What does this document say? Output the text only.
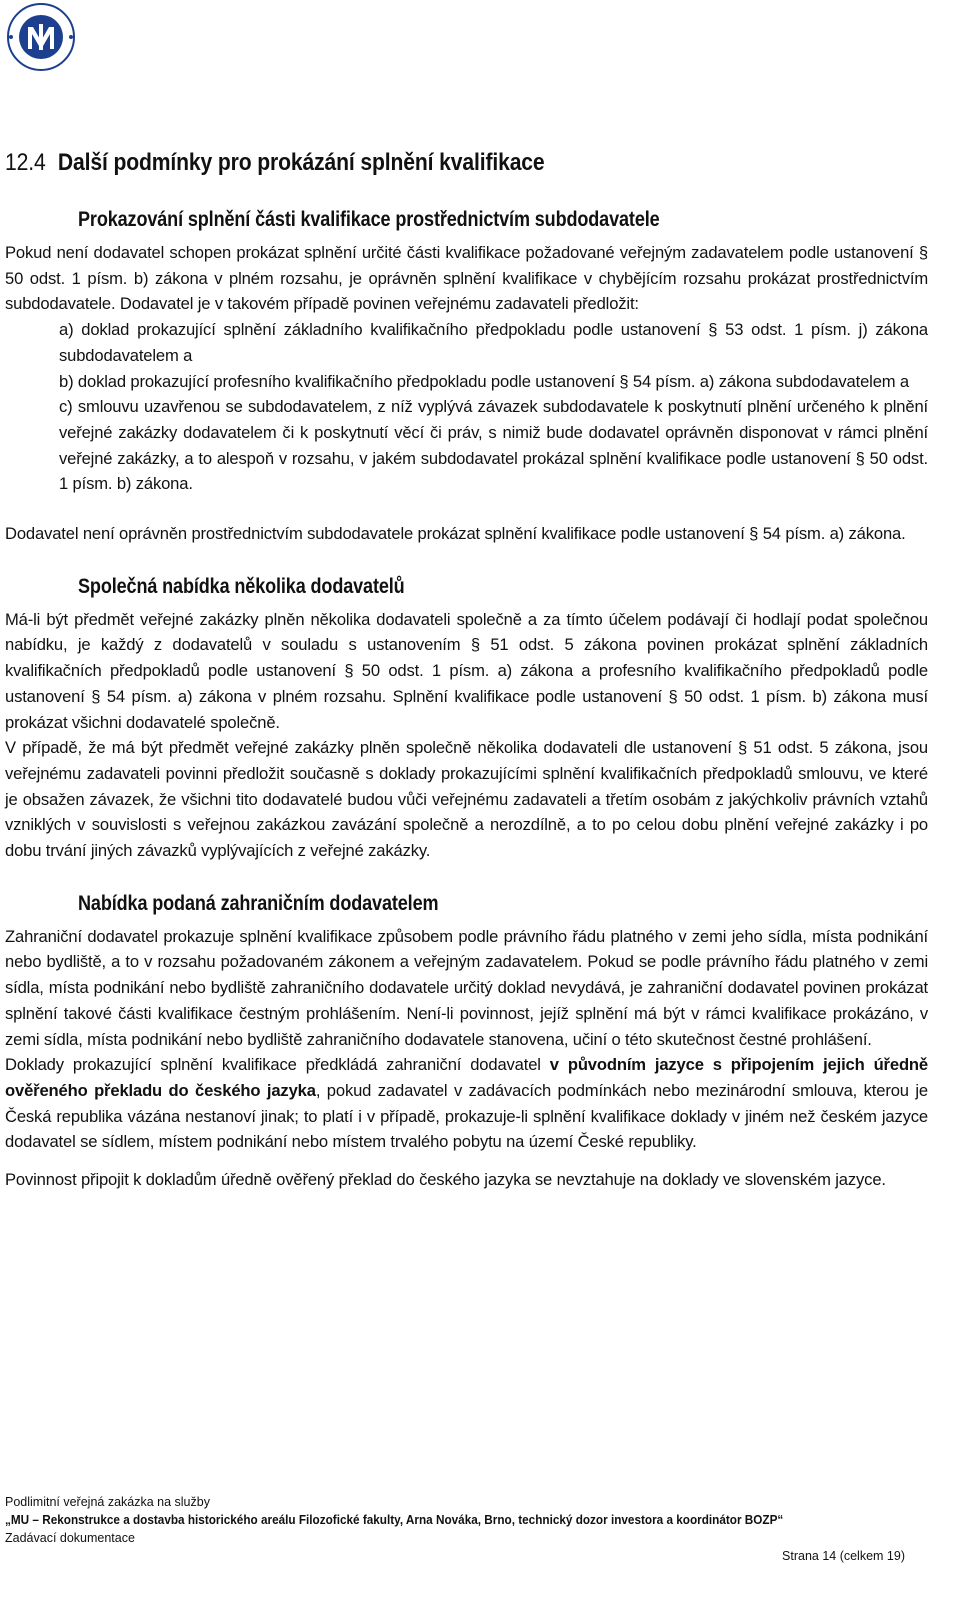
12.4 Další podmínky pro prokázání splnění kvalifikace
Prokazování splnění části kvalifikace prostřednictvím subdodavatele

Pokud není dodavatel schopen prokázat splnění určité části kvalifikace požadované veřejným zadavatelem podle ustanovení § 50 odst. 1 písm. b) zákona v plném rozsahu, je oprávněn splnění kvalifikace v chybějícím rozsahu prokázat prostřednictvím subdodavatele. Dodavatel je v takovém případě povinen veřejnému zadavateli předložit:

a) doklad prokazující splnění základního kvalifikačního předpokladu podle ustanovení § 53 odst. 1 písm. j) zákona subdodavatelem a

b) doklad prokazující profesního kvalifikačního předpokladu podle ustanovení § 54 písm. a) zákona subdodavatelem a

c) smlouvu uzavřenou se subdodavatelem, z níž vyplývá závazek subdodavatele k poskytnutí plnění určeného k plnění veřejné zakázky dodavatelem či k poskytnutí věcí či práv, s nimiž bude dodavatel oprávněn disponovat v rámci plnění veřejné zakázky, a to alespoň v rozsahu, v jakém subdodavatel prokázal splnění kvalifikace podle ustanovení § 50 odst. 1 písm. b) zákona.

Dodavatel není oprávněn prostřednictvím subdodavatele prokázat splnění kvalifikace podle ustanovení § 54 písm. a) zákona.

Společná nabídka několika dodavatelů

Má-li být předmět veřejné zakázky plněn několika dodavateli společně a za tímto účelem podávají či hodlají podat společnou nabídku, je každý z dodavatelů v souladu s ustanovením § 51 odst. 5 zákona povinen prokázat splnění základních kvalifikačních předpokladů podle ustanovení § 50 odst. 1 písm. a) zákona a profesního kvalifikačního předpokladů podle ustanovení § 54 písm. a) zákona v plném rozsahu. Splnění kvalifikace podle ustanovení § 50 odst. 1 písm. b) zákona musí prokázat všichni dodavatelé společně.

V případě, že má být předmět veřejné zakázky plněn společně několika dodavateli dle ustanovení § 51 odst. 5 zákona, jsou veřejnému zadavateli povinni předložit současně s doklady prokazujícími splnění kvalifikačních předpokladů smlouvu, ve které je obsažen závazek, že všichni tito dodavatelé budou vůči veřejnému zadavateli a třetím osobám z jakýchkoliv právních vztahů vzniklých v souvislosti s veřejnou zakázkou zavázání společně a nerozdílně, a to po celou dobu plnění veřejné zakázky i po dobu trvání jiných závazků vyplývajících z veřejné zakázky.

Nabídka podaná zahraničním dodavatelem

Zahraniční dodavatel prokazuje splnění kvalifikace způsobem podle právního řádu platného v zemi jeho sídla, místa podnikání nebo bydliště, a to v rozsahu požadovaném zákonem a veřejným zadavatelem. Pokud se podle právního řádu platného v zemi sídla, místa podnikání nebo bydliště zahraničního dodavatele určitý doklad nevydává, je zahraniční dodavatel povinen prokázat splnění takové části kvalifikace čestným prohlášením. Není-li povinnost, jejíž splnění má být v rámci kvalifikace prokázáno, v zemi sídla, místa podnikání nebo bydliště zahraničního dodavatele stanovena, učiní o této skutečnost čestné prohlášení.

Doklady prokazující splnění kvalifikace předkládá zahraniční dodavatel v původním jazyce s připojením jejich úředně ověřeného překladu do českého jazyka, pokud zadavatel v zadávacích podmínkách nebo mezinárodní smlouva, kterou je Česká republika vázána nestanoví jinak; to platí i v případě, prokazuje-li splnění kvalifikace doklady v jiném než českém jazyce dodavatel se sídlem, místem podnikání nebo místem trvalého pobytu na území České republiky.

Povinnost připojit k dokladům úředně ověřený překlad do českého jazyka se nevztahuje na doklady ve slovenském jazyce.

Podlimitní veřejná zakázka na služby
„MU – Rekonstrukce a dostavba historického areálu Filozofické fakulty, Arna Nováka, Brno, technický dozor investora a koordinátor BOZP“
Zadávací dokumentace
Strana 14 (celkem 19)
